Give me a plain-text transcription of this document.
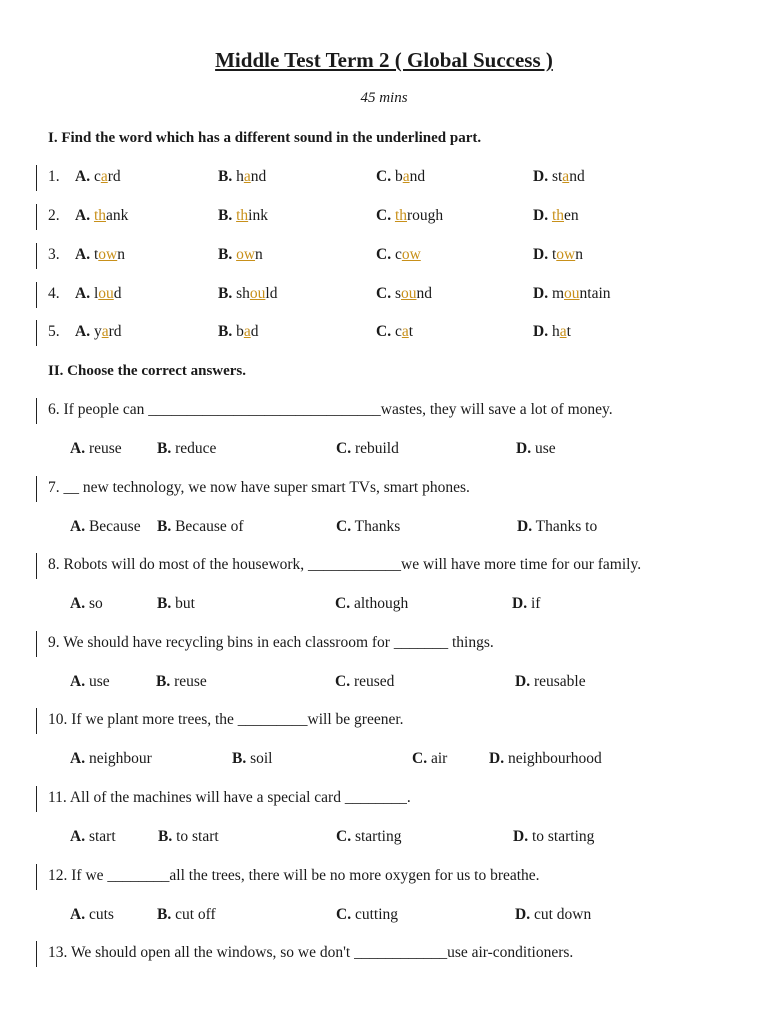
Middle Test Term 2 ( Global Success )
45 mins
I. Find the word which has a different sound in the underlined part.
1. A. card	B. hand	C. band	D. stand
2. A. thank	B. think	C. through	D. then
3. A. town	B. own	C. cow	D. town
4. A. loud	B. should	C. sound	D. mountain
5. A. yard	B. bad	C. cat	D. hat
II. Choose the correct answers.
6. If people can ______________________________wastes, they will save a lot of money.
A. reuse B. reduce	C. rebuild	D. use
7. __ new technology, we now have super smart TVs, smart phones.
A. Because B. Because of	C. Thanks	D. Thanks to
8. Robots will do most of the housework, ____________we will have more time for our family.
A. so	B. but	C. although	D. if
9. We should have recycling bins in each classroom for _______ things.
A. use	B. reuse	C. reused	D. reusable
10. If we plant more trees, the _________will be greener.
A. neighbour	B. soil	C. air	D. neighbourhood
11. All of the machines will have a special card ________.
A. start	B. to start	C. starting	D. to starting
12. If we ________all the trees, there will be no more oxygen for us to breathe.
A. cuts	B. cut off	C. cutting	D. cut down
13. We should open all the windows, so we don't ____________use air-conditioners.
